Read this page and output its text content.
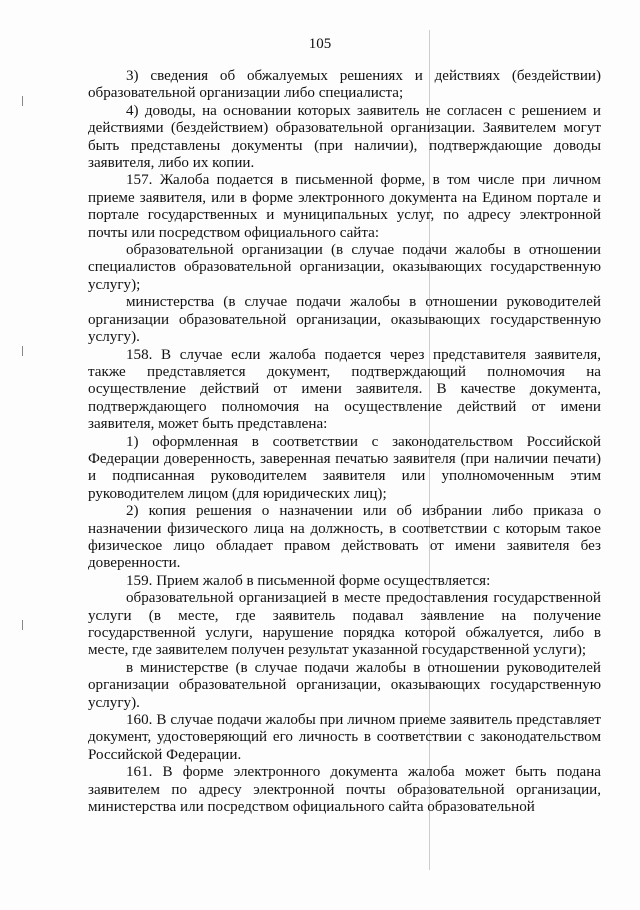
105

3) сведения об обжалуемых решениях и действиях (бездействии) образовательной организации либо специалиста;

4) доводы, на основании которых заявитель не согласен с решением и действиями (бездействием) образовательной организации. Заявителем могут быть представлены документы (при наличии), подтверждающие доводы заявителя, либо их копии.

157. Жалоба подается в письменной форме, в том числе при личном приеме заявителя, или в форме электронного документа на Едином портале и портале государственных и муниципальных услуг, по адресу электронной почты или посредством официального сайта:

образовательной организации (в случае подачи жалобы в отношении специалистов образовательной организации, оказывающих государственную услугу);

министерства (в случае подачи жалобы в отношении руководителей организации образовательной организации, оказывающих государственную услугу).

158. В случае если жалоба подается через представителя заявителя, также представляется документ, подтверждающий полномочия на осуществление действий от имени заявителя. В качестве документа, подтверждающего полномочия на осуществление действий от имени заявителя, может быть представлена:

1) оформленная в соответствии с законодательством Российской Федерации доверенность, заверенная печатью заявителя (при наличии печати) и подписанная руководителем заявителя или уполномоченным этим руководителем лицом (для юридических лиц);

2) копия решения о назначении или об избрании либо приказа о назначении физического лица на должность, в соответствии с которым такое физическое лицо обладает правом действовать от имени заявителя без доверенности.

159. Прием жалоб в письменной форме осуществляется:

образовательной организацией в месте предоставления государственной услуги (в месте, где заявитель подавал заявление на получение государственной услуги, нарушение порядка которой обжалуется, либо в месте, где заявителем получен результат указанной государственной услуги);

в министерстве (в случае подачи жалобы в отношении руководителей организации образовательной организации, оказывающих государственную услугу).

160. В случае подачи жалобы при личном приеме заявитель представляет документ, удостоверяющий его личность в соответствии с законодательством Российской Федерации.

161. В форме электронного документа жалоба может быть подана заявителем по адресу электронной почты образовательной организации, министерства или посредством официального сайта образовательной
